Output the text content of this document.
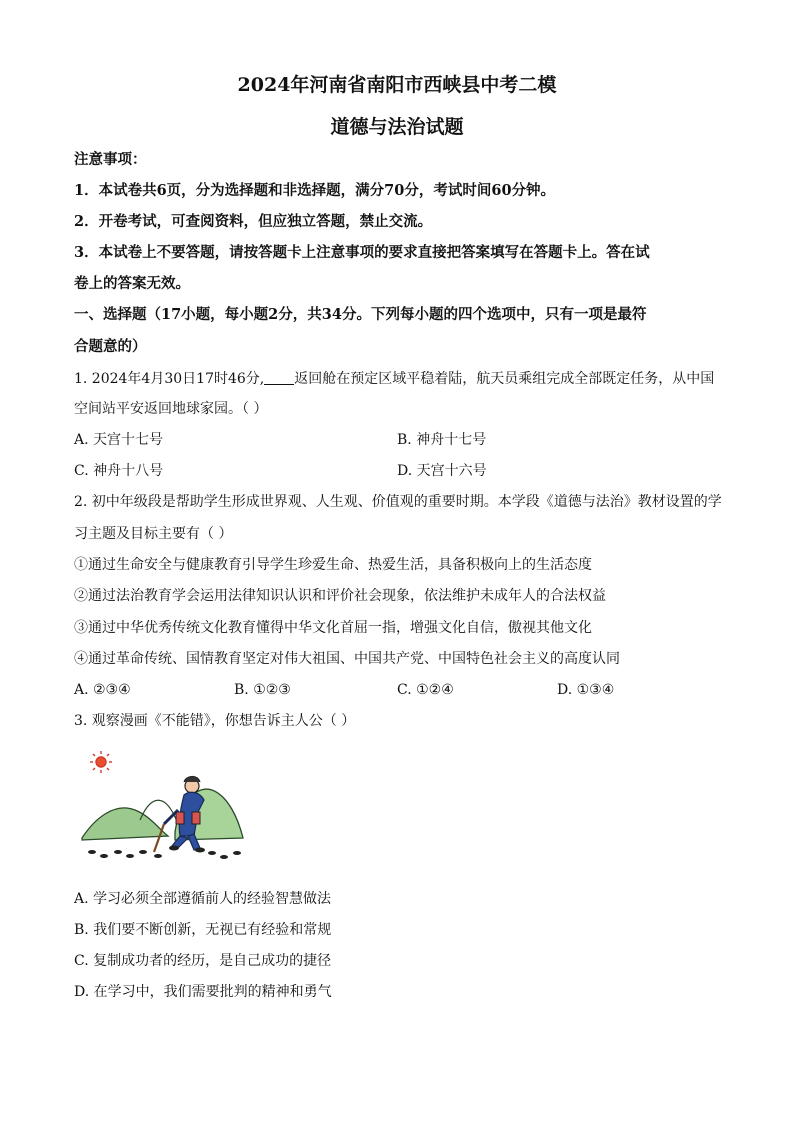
2024年河南省南阳市西峡县中考二模
道德与法治试题
注意事项：
1．本试卷共6页，分为选择题和非选择题，满分70分，考试时间60分钟。
2．开卷考试，可查阅资料，但应独立答题，禁止交流。
3．本试卷上不要答题，请按答题卡上注意事项的要求直接把答案填写在答题卡上。答在试
卷上的答案无效。
一、选择题（17小题，每小题2分，共34分。下列每小题的四个选项中，只有一项是最符
合题意的）
1. 2024年4月30日17时46分, 返回舱在预定区域平稳着陆，航天员乘组完成全部既定任务，从中国
空间站平安返回地球家园。（ ）
A. 天宫十七号	B. 神舟十七号
C. 神舟十八号	D. 天宫十六号
2. 初中年级段是帮助学生形成世界观、人生观、价值观的重要时期。本学段《道德与法治》教材设置的学
习主题及目标主要有（ ）
①通过生命安全与健康教育引导学生珍爱生命、热爱生活，具备积极向上的生活态度
②通过法治教育学会运用法律知识认识和评价社会现象，依法维护未成年人的合法权益
③通过中华优秀传统文化教育懂得中华文化首屈一指，增强文化自信，傲视其他文化
④通过革命传统、国情教育坚定对伟大祖国、中国共产党、中国特色社会主义的高度认同
A. ②③④	B. ①②③	C. ①②④	D. ①③④
3. 观察漫画《不能错》，你想告诉主人公（ ）
A. 学习必须全部遵循前人的经验智慧做法
B. 我们要不断创新，无视已有经验和常规
C. 复制成功者的经历，是自己成功的捷径
D. 在学习中，我们需要批判的精神和勇气
